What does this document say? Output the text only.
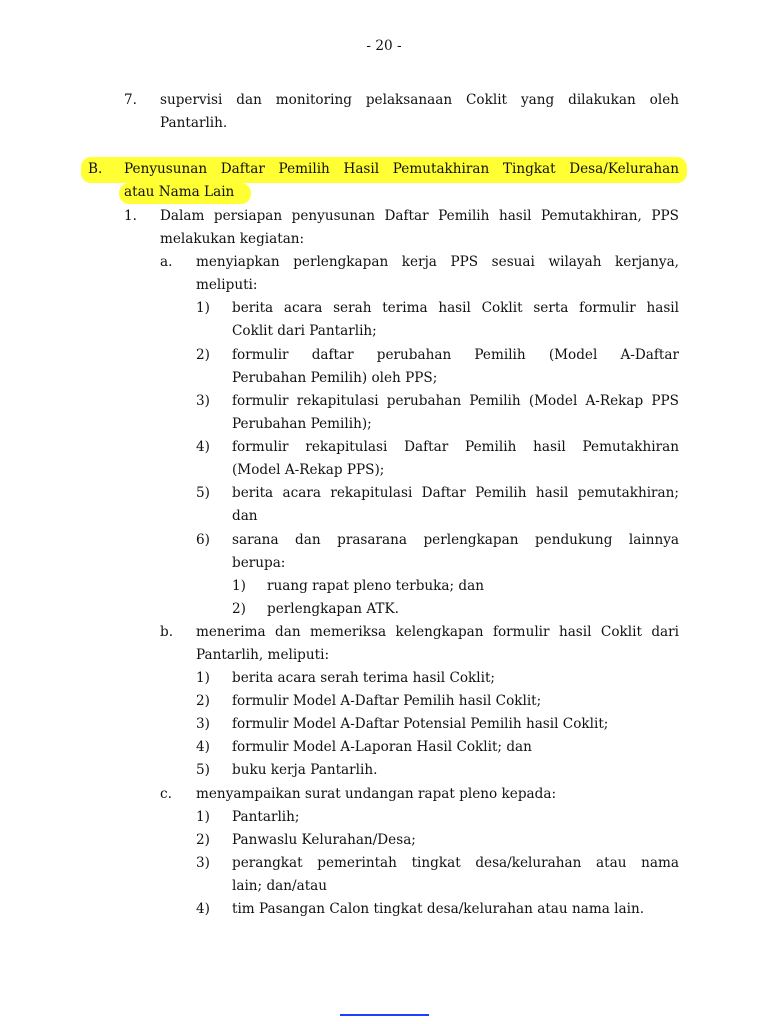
- 20 -
7. supervisi dan monitoring pelaksanaan Coklit yang dilakukan oleh
Pantarlih.
B. Penyusunan Daftar Pemilih Hasil Pemutakhiran Tingkat Desa/Kelurahan
atau Nama Lain
1. Dalam persiapan penyusunan Daftar Pemilih hasil Pemutakhiran, PPS
melakukan kegiatan:
a. menyiapkan perlengkapan kerja PPS sesuai wilayah kerjanya,
meliputi:
1) berita acara serah terima hasil Coklit serta formulir hasil
Coklit dari Pantarlih;
2) formulir daftar perubahan Pemilih (Model A-Daftar
Perubahan Pemilih) oleh PPS;
3) formulir rekapitulasi perubahan Pemilih (Model A-Rekap PPS
Perubahan Pemilih);
4) formulir rekapitulasi Daftar Pemilih hasil Pemutakhiran
(Model A-Rekap PPS);
5) berita acara rekapitulasi Daftar Pemilih hasil pemutakhiran;
dan
6) sarana dan prasarana perlengkapan pendukung lainnya
berupa:
1) ruang rapat pleno terbuka; dan
2) perlengkapan ATK.
b. menerima dan memeriksa kelengkapan formulir hasil Coklit dari
Pantarlih, meliputi:
1) berita acara serah terima hasil Coklit;
2) formulir Model A-Daftar Pemilih hasil Coklit;
3) formulir Model A-Daftar Potensial Pemilih hasil Coklit;
4) formulir Model A-Laporan Hasil Coklit; dan
5) buku kerja Pantarlih.
c. menyampaikan surat undangan rapat pleno kepada:
1) Pantarlih;
2) Panwaslu Kelurahan/Desa;
3) perangkat pemerintah tingkat desa/kelurahan atau nama
lain; dan/atau
4) tim Pasangan Calon tingkat desa/kelurahan atau nama lain.
